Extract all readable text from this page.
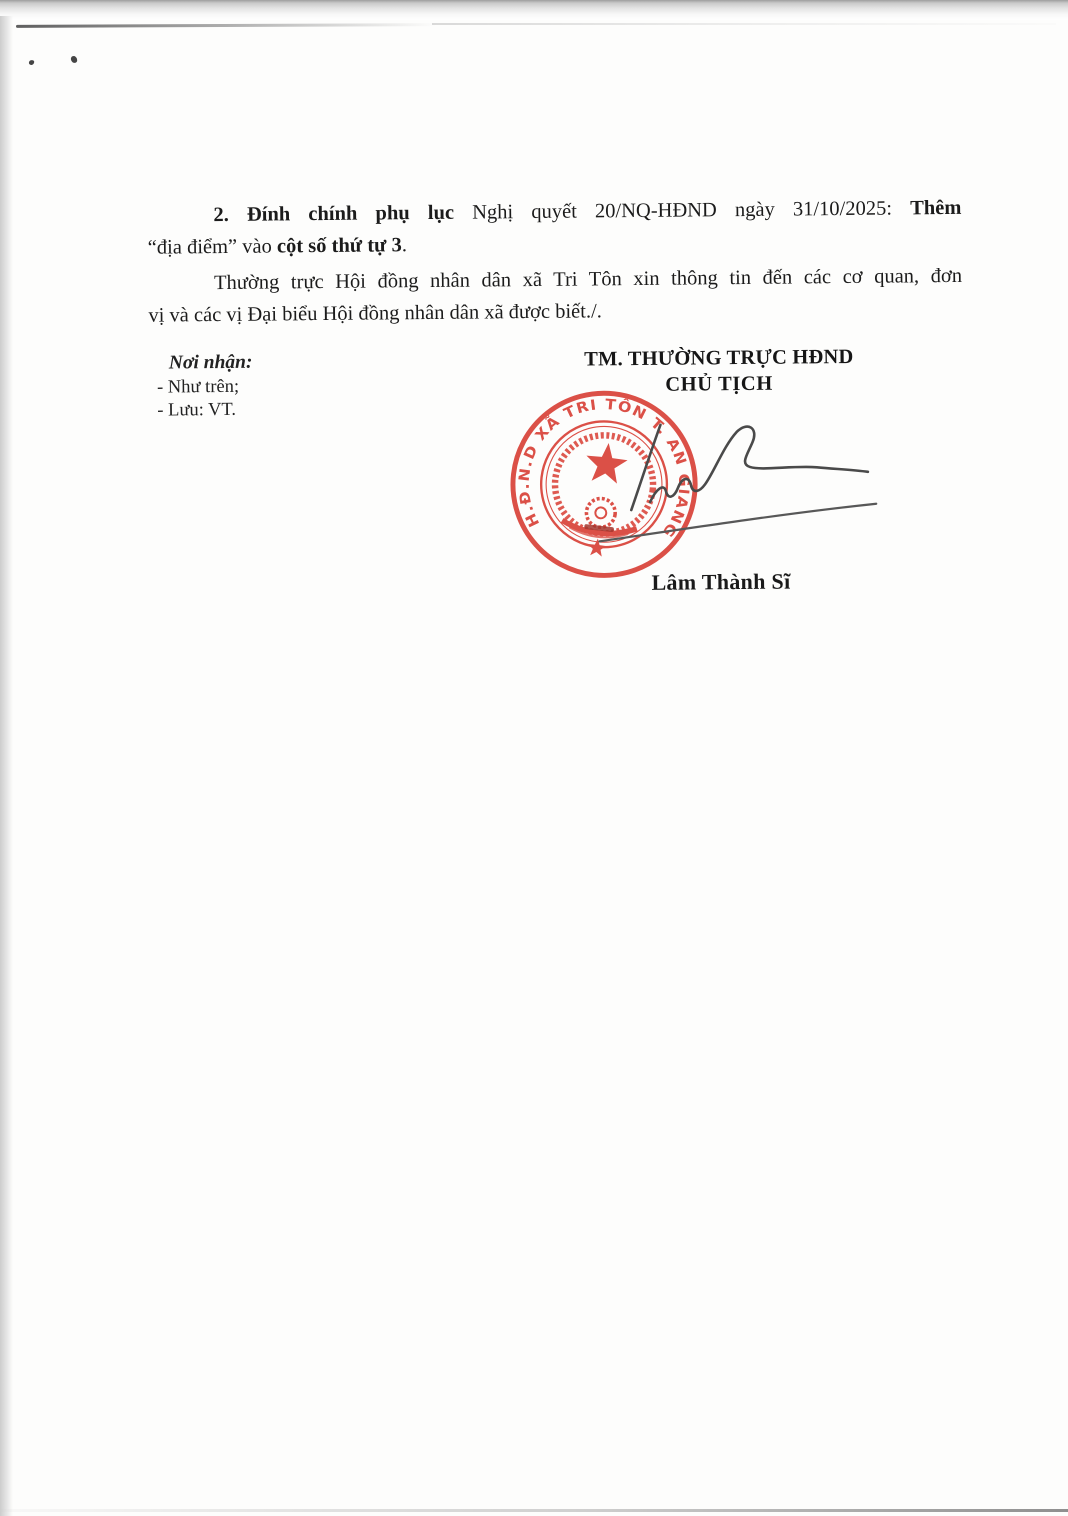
2. Đính chính phụ lục Nghị quyết 20/NQ-HĐND ngày 31/10/2025: Thêm
“địa điểm” vào cột số thứ tự 3.
Thường trực Hội đồng nhân dân xã Tri Tôn xin thông tin đến các cơ quan, đơn
vị và các vị Đại biểu Hội đồng nhân dân xã được biết./.
Nơi nhận:
- Như trên;
- Lưu: VT.
TM. THƯỜNG TRỰC HĐND
CHỦ TỊCH
H.Đ.N.D XÃ TRI TÔN T. AN GIANG
Lâm Thành Sĩ
